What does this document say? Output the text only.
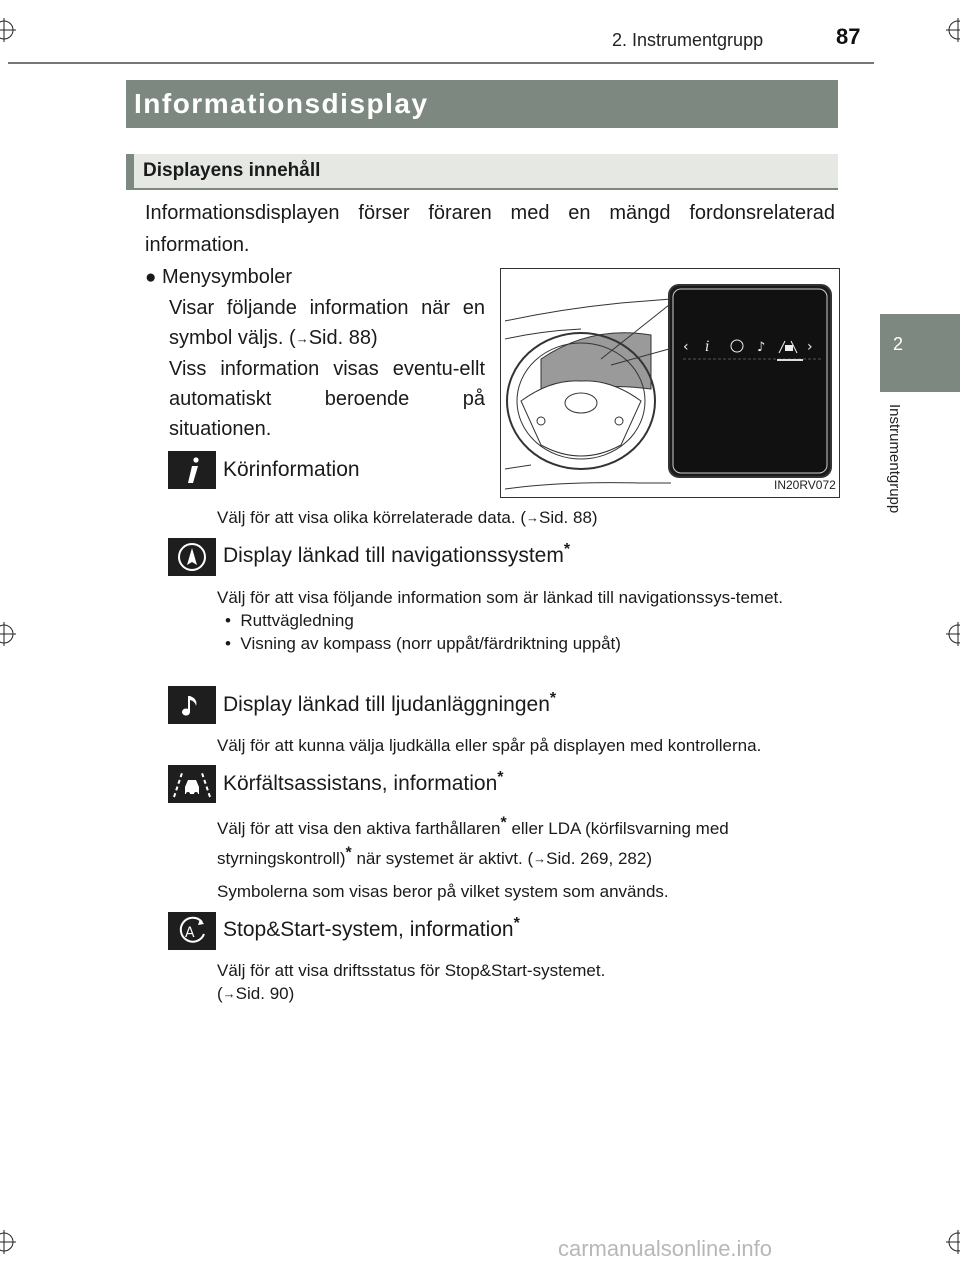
2. Instrumentgrupp	87
2
Instrumentgrupp
Informationsdisplay
Displayens innehåll
Informationsdisplayen förser föraren med en mängd fordonsrelaterad information.
● Menysymboler
Visar följande information när en symbol väljs. (→Sid. 88)
Viss information visas eventu-ellt automatiskt beroende på situationen.
‹ i	♪	›
IN20RV072
Körinformation
Välj för att visa olika körrelaterade data. (→Sid. 88)
Display länkad till navigationssystem*
Välj för att visa följande information som är länkad till navigationssys-temet.
• Ruttvägledning
• Visning av kompass (norr uppåt/färdriktning uppåt)
Display länkad till ljudanläggningen*
Välj för att kunna välja ljudkälla eller spår på displayen med kontrollerna.
Körfältsassistans, information*
Välj för att visa den aktiva farthållaren* eller LDA (körfilsvarning med
styrningskontroll)* när systemet är aktivt. (→Sid. 269, 282)
Symbolerna som visas beror på vilket system som används.
A Stop&Start-system, information*
Välj för att visa driftsstatus för Stop&Start-systemet.
(→Sid. 90)
carmanualsonline.info
